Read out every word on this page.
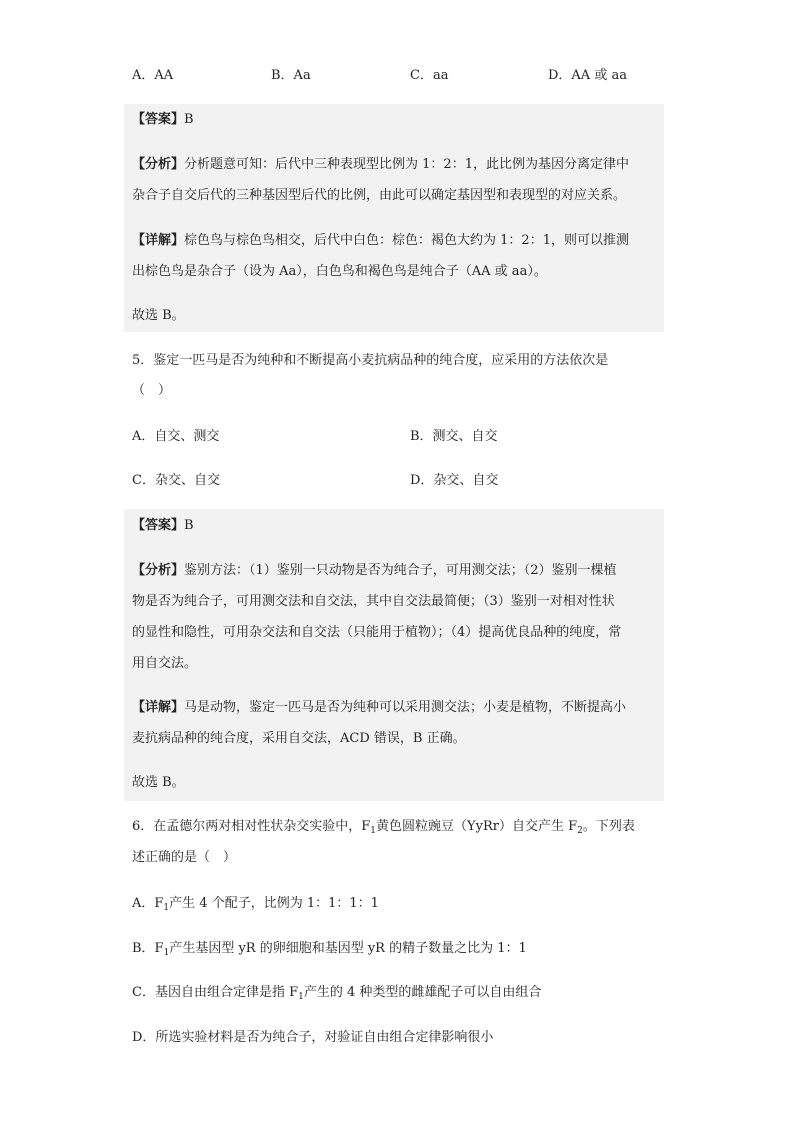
A．AA	B．Aa	C．aa	D．AA 或 aa
【答案】B
【分析】分析题意可知：后代中三种表现型比例为 1：2：1，此比例为基因分离定律中
杂合子自交后代的三种基因型后代的比例，由此可以确定基因型和表现型的对应关系。
【详解】棕色鸟与棕色鸟相交，后代中白色：棕色：褐色大约为 1：2：1，则可以推测
出棕色鸟是杂合子（设为 Aa），白色鸟和褐色鸟是纯合子（AA 或 aa）。
故选 B。
5．鉴定一匹马是否为纯种和不断提高小麦抗病品种的纯合度，应采用的方法依次是
（　）
A．自交、测交	B．测交、自交
C．杂交、自交	D．杂交、自交
【答案】B
【分析】鉴别方法：（1）鉴别一只动物是否为纯合子，可用测交法；（2）鉴别一棵植
物是否为纯合子，可用测交法和自交法，其中自交法最简便；（3）鉴别一对相对性状
的显性和隐性，可用杂交法和自交法（只能用于植物）；（4）提高优良品种的纯度，常
用自交法。
【详解】马是动物，鉴定一匹马是否为纯种可以采用测交法；小麦是植物，不断提高小
麦抗病品种的纯合度，采用自交法，ACD 错误，B 正确。
故选 B。
6．在孟德尔两对相对性状杂交实验中，$F_1$黄色圆粒豌豆（YyRr）自交产生 $F_2$。下列表
述正确的是（　）
A．$F_1$产生 4 个配子，比例为 1：1：1：1
B．$F_1$产生基因型 yR 的卵细胞和基因型 yR 的精子数量之比为 1：1
C．基因自由组合定律是指 $F_1$产生的 4 种类型的雌雄配子可以自由组合
D．所选实验材料是否为纯合子，对验证自由组合定律影响很小
